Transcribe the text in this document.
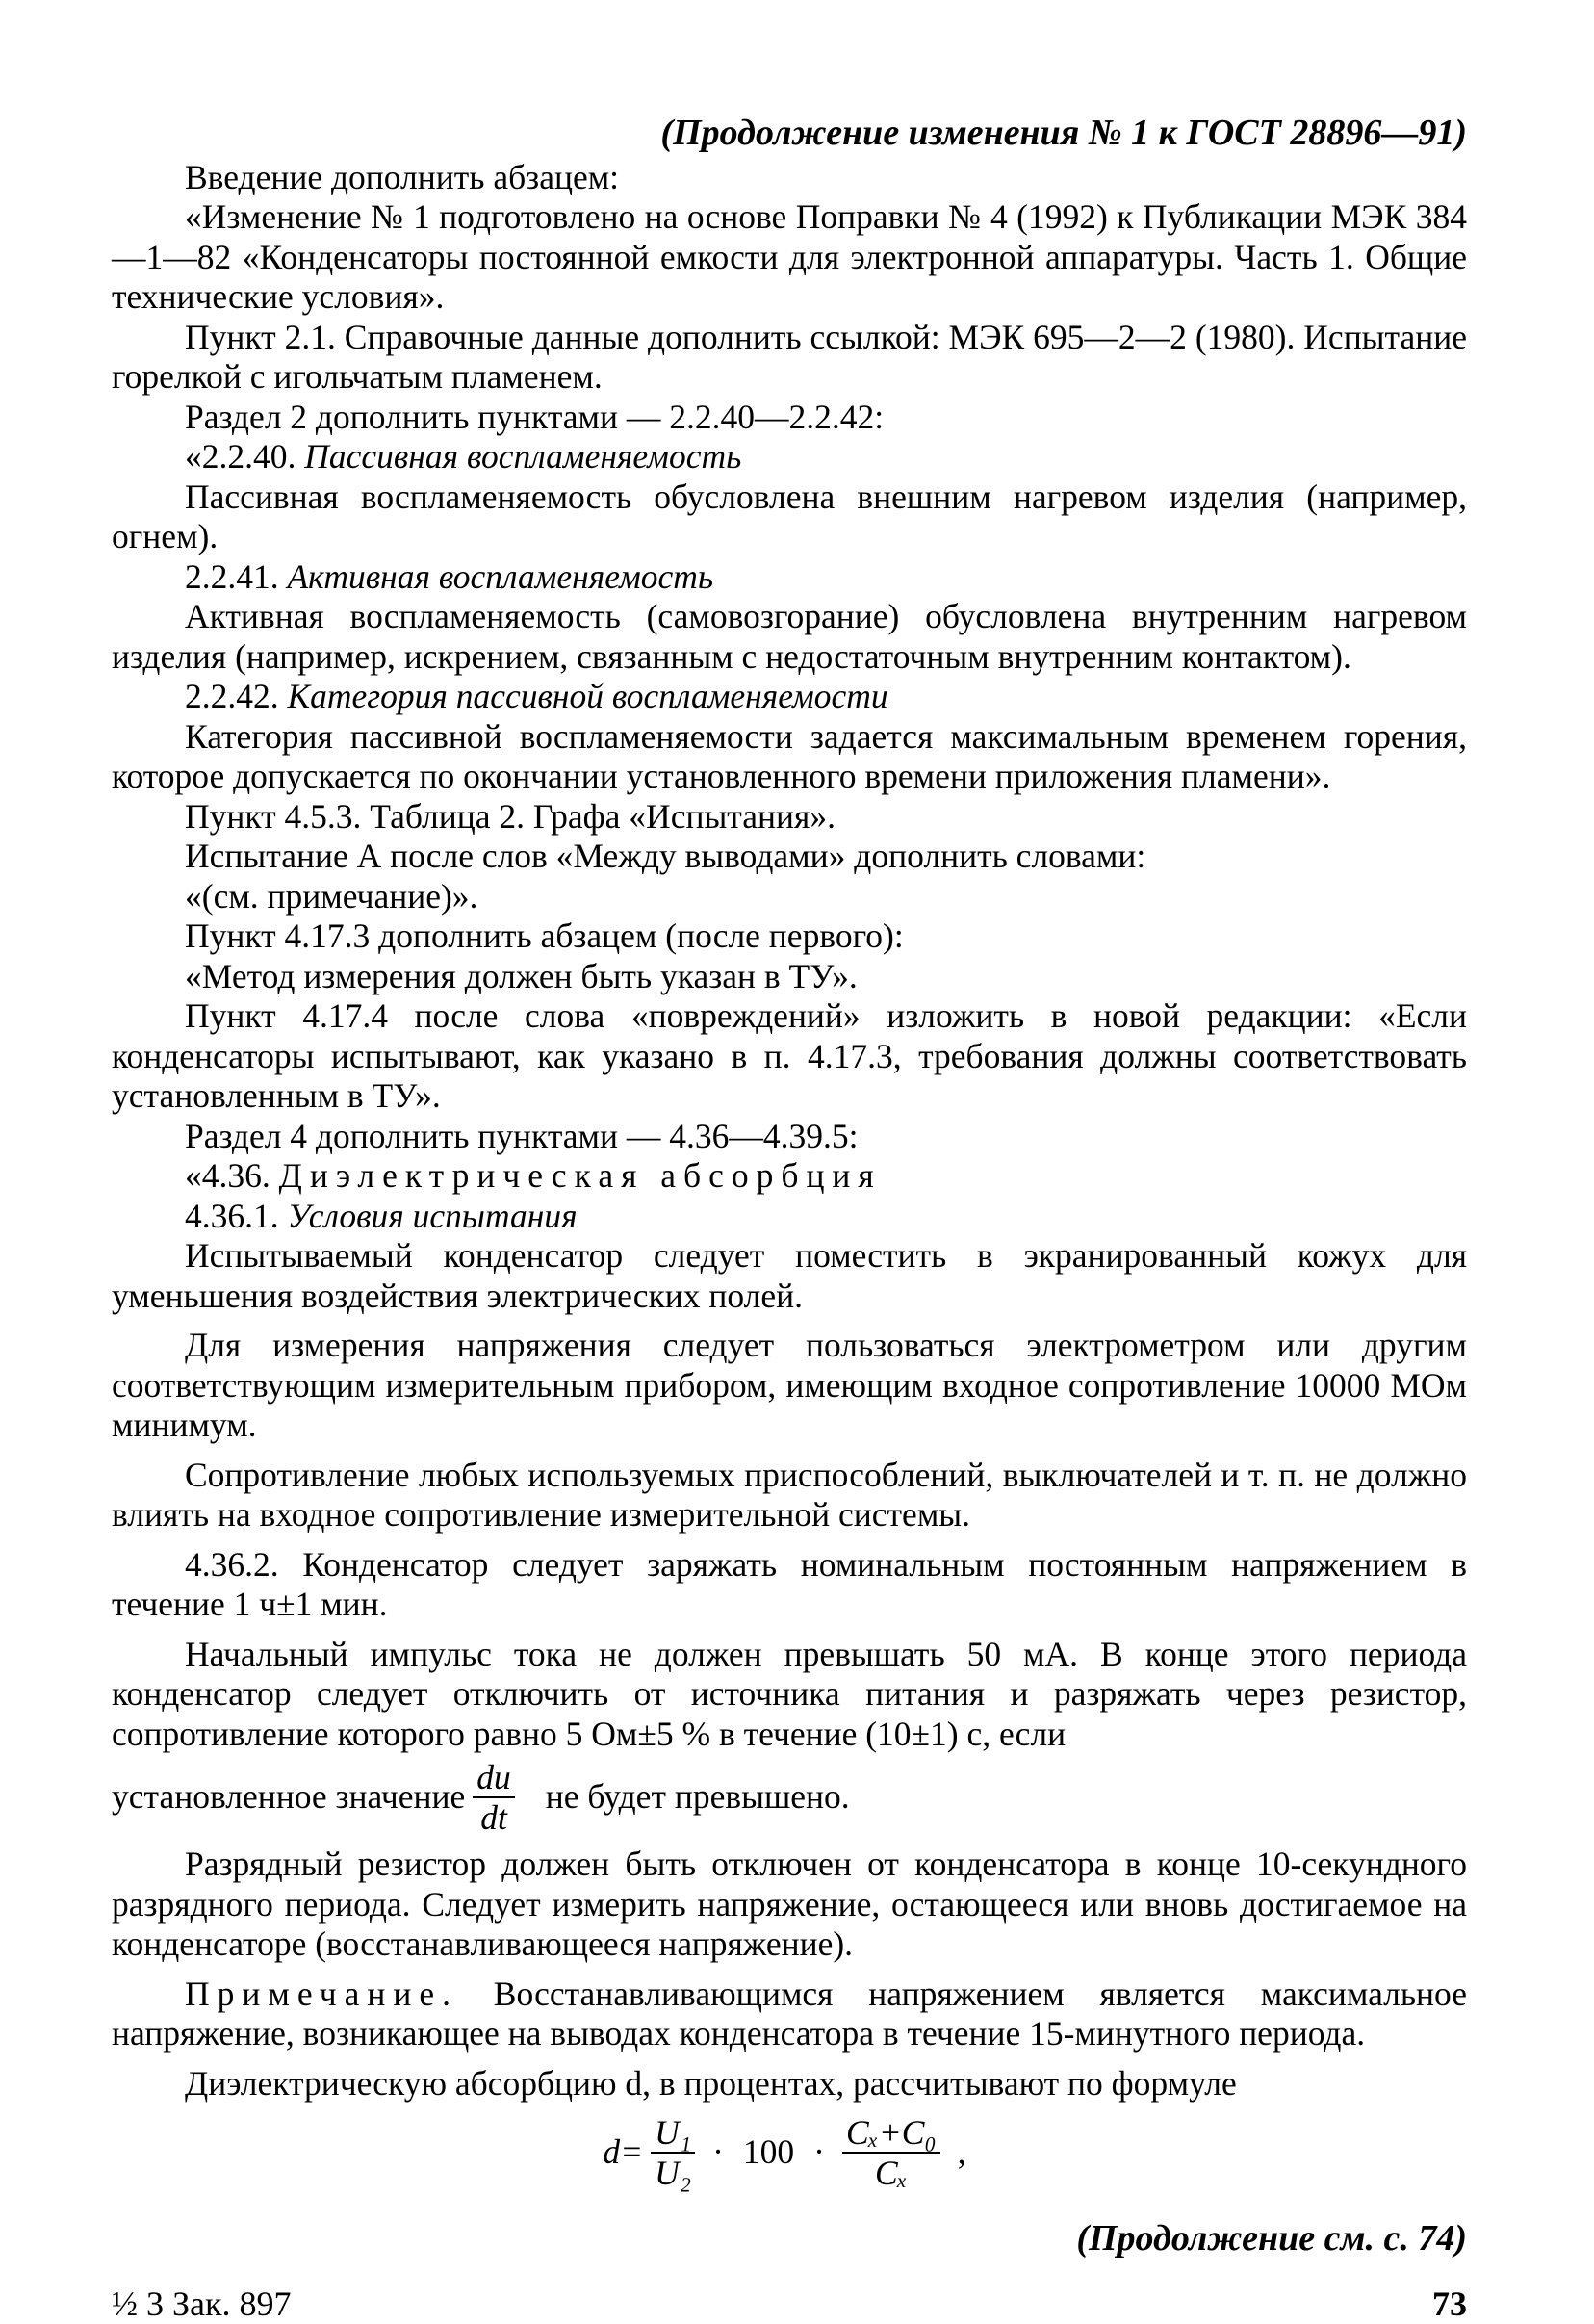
(Продолжение изменения № 1 к ГОСТ 28896—91)

Введение дополнить абзацем:

«Изменение № 1 подготовлено на основе Поправки № 4 (1992) к Публикации МЭК 384—1—82 «Конденсаторы постоянной емкости для электронной аппаратуры. Часть 1. Общие технические условия».

Пункт 2.1. Справочные данные дополнить ссылкой: МЭК 695—2—2 (1980). Испытание горелкой с игольчатым пламенем.

Раздел 2 дополнить пунктами — 2.2.40—2.2.42:

«2.2.40. Пассивная воспламеняемость

Пассивная воспламеняемость обусловлена внешним нагревом изделия (например, огнем).

2.2.41. Активная воспламеняемость

Активная воспламеняемость (самовозгорание) обусловлена внутренним нагревом изделия (например, искрением, связанным с недостаточным внутренним контактом).

2.2.42. Категория пассивной воспламеняемости

Категория пассивной воспламеняемости задается максимальным временем горения, которое допускается по окончании установленного времени приложения пламени».

Пункт 4.5.3. Таблица 2. Графа «Испытания».

Испытание А после слов «Между выводами» дополнить словами:

«(см. примечание)».

Пункт 4.17.3 дополнить абзацем (после первого):

«Метод измерения должен быть указан в ТУ».

Пункт 4.17.4 после слова «повреждений» изложить в новой редакции: «Если конденсаторы испытывают, как указано в п. 4.17.3, требования должны соответствовать установленным в ТУ».

Раздел 4 дополнить пунктами — 4.36—4.39.5:

«4.36. Диэлектрическая абсорбция

4.36.1. Условия испытания

Испытываемый конденсатор следует поместить в экранированный кожух для уменьшения воздействия электрических полей.

Для измерения напряжения следует пользоваться электрометром или другим соответствующим измерительным прибором, имеющим входное сопротивление 10000 МОм минимум.

Сопротивление любых используемых приспособлений, выключателей и т. п. не должно влиять на входное сопротивление измерительной системы.

4.36.2. Конденсатор следует заряжать номинальным постоянным напряжением в течение 1 ч±1 мин.

Начальный импульс тока не должен превышать 50 мА. В конце этого периода конденсатор следует отключить от источника питания и разряжать через резистор, сопротивление которого равно 5 Ом±5 % в течение (10±1) с, если

установленное значение $\frac{du}{dt}$ не будет превышено.

Разрядный резистор должен быть отключен от конденсатора в конце 10-секундного разрядного периода. Следует измерить напряжение, остающееся или вновь достигаемое на конденсаторе (восстанавливающееся напряжение).

Примечание. Восстанавливающимся напряжением является максимальное напряжение, возникающее на выводах конденсатора в течение 15-минутного периода.

Диэлектрическую абсорбцию d, в процентах, рассчитывают по формуле

$d= \frac{\text{U₁}}{\text{U₂}} \cdot 100 \cdot \frac{\text{Cₓ+C₀}}{\text{Cₓ}}$ ,
(Продолжение см. с. 74)
½ 3 Зак. 897	73
